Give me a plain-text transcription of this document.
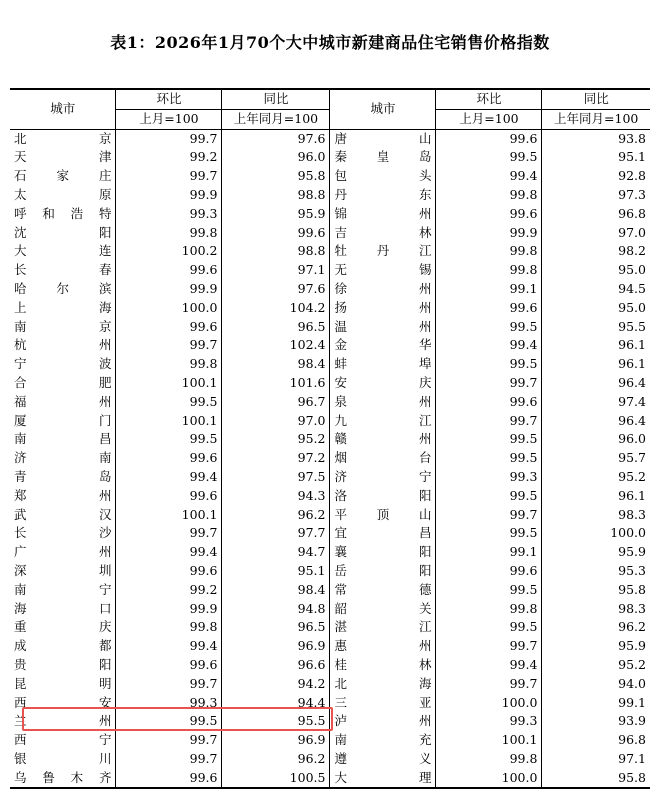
表1：2026年1月70个大中城市新建商品住宅销售价格指数
城市	环比	同比	城市	环比	同比
	上月=100	上年同月=100		上月=100	上年同月=100
北京	99.7	97.6	唐山	99.6	93.8
天津	99.2	96.0	秦皇岛	99.5	95.1
石家庄	99.7	95.8	包头	99.4	92.8
太原	99.9	98.8	丹东	99.8	97.3
呼和浩特	99.3	95.9	锦州	99.6	96.8
沈阳	99.8	99.6	吉林	99.9	97.0
大连	100.2	98.8	牡丹江	99.8	98.2
长春	99.6	97.1	无锡	99.8	95.0
哈尔滨	99.9	97.6	徐州	99.1	94.5
上海	100.0	104.2	扬州	99.6	95.0
南京	99.6	96.5	温州	99.5	95.5
杭州	99.7	102.4	金华	99.4	96.1
宁波	99.8	98.4	蚌埠	99.5	96.1
合肥	100.1	101.6	安庆	99.7	96.4
福州	99.5	96.7	泉州	99.6	97.4
厦门	100.1	97.0	九江	99.7	96.4
南昌	99.5	95.2	赣州	99.5	96.0
济南	99.6	97.2	烟台	99.5	95.7
青岛	99.4	97.5	济宁	99.3	95.2
郑州	99.6	94.3	洛阳	99.5	96.1
武汉	100.1	96.2	平顶山	99.7	98.3
长沙	99.7	97.7	宜昌	99.5	100.0
广州	99.4	94.7	襄阳	99.1	95.9
深圳	99.6	95.1	岳阳	99.6	95.3
南宁	99.2	98.4	常德	99.5	95.8
海口	99.9	94.8	韶关	99.8	98.3
重庆	99.8	96.5	湛江	99.5	96.2
成都	99.4	96.9	惠州	99.7	95.9
贵阳	99.6	96.6	桂林	99.4	95.2
昆明	99.7	94.2	北海	99.7	94.0
西安	99.3	94.4	三亚	100.0	99.1
兰州	99.5	95.5	泸州	99.3	93.9
西宁	99.7	96.9	南充	100.1	96.8
银川	99.7	96.2	遵义	99.8	97.1
乌鲁木齐	99.6	100.5	大理	100.0	95.8
